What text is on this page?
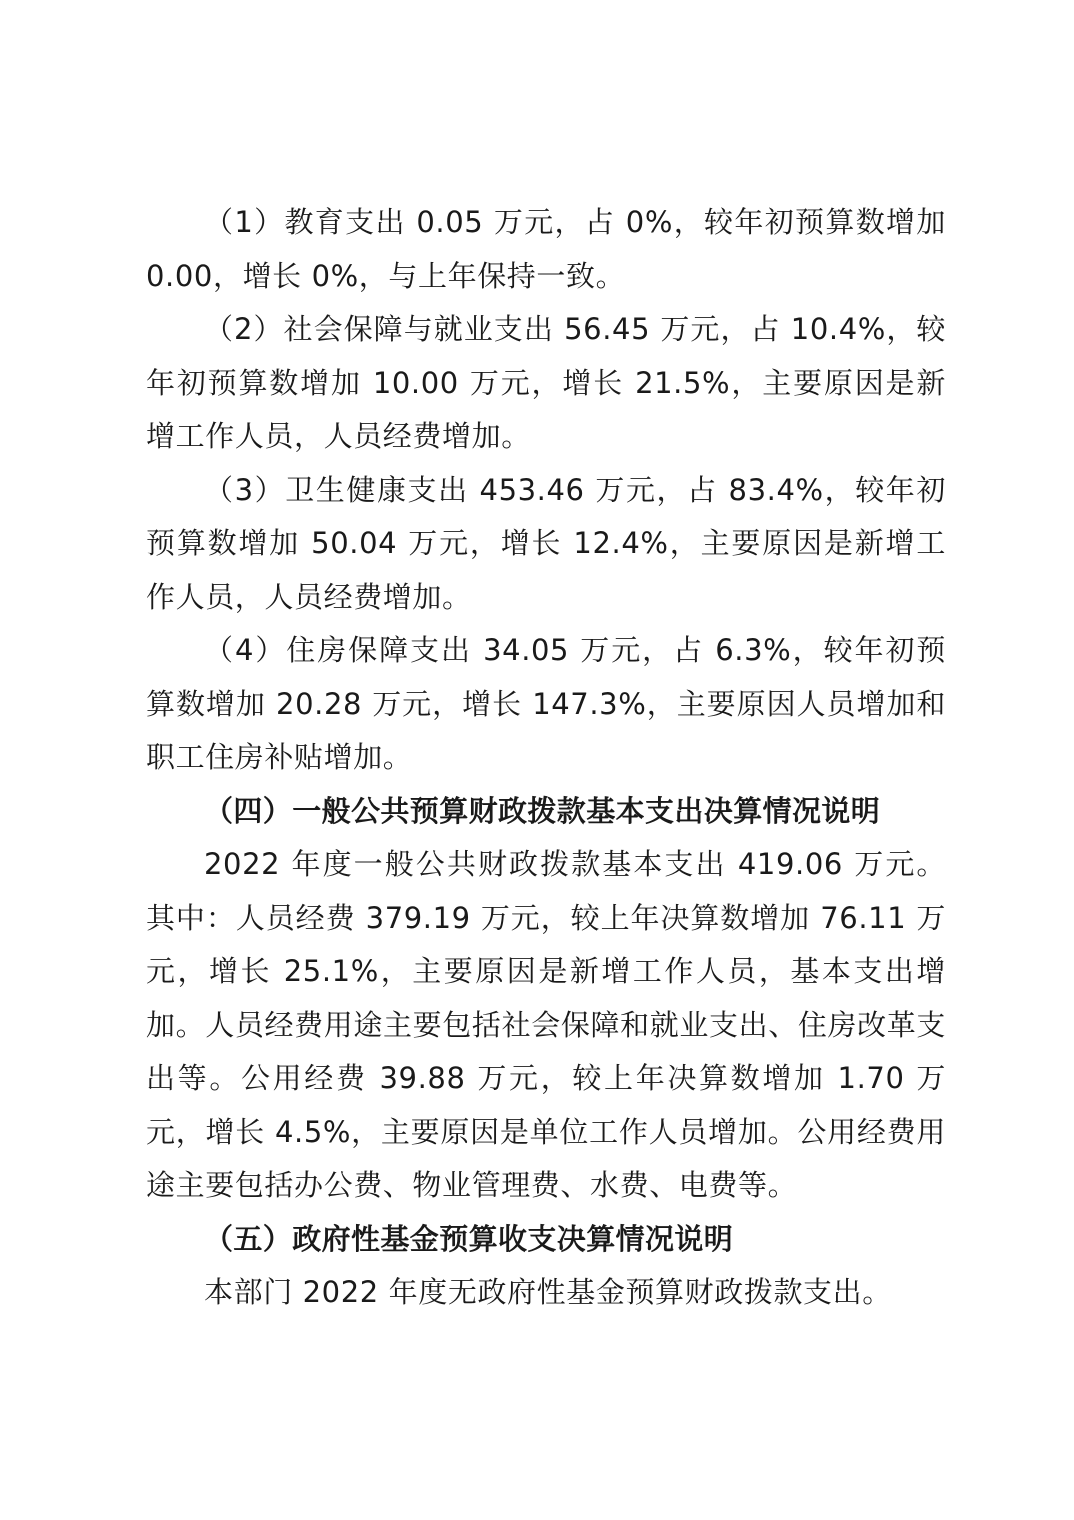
（1）教育支出 0.05 万元，占 0%，较年初预算数增加 0.00，增长 0%，与上年保持一致。

（2）社会保障与就业支出 56.45 万元，占 10.4%，较年初预算数增加 10.00 万元，增长 21.5%，主要原因是新增工作人员，人员经费增加。

（3）卫生健康支出 453.46 万元，占 83.4%，较年初预算数增加 50.04 万元，增长 12.4%，主要原因是新增工作人员，人员经费增加。

（4）住房保障支出 34.05 万元，占 6.3%，较年初预算数增加 20.28 万元，增长 147.3%，主要原因人员增加和职工住房补贴增加。

（四）一般公共预算财政拨款基本支出决算情况说明

2022 年度一般公共财政拨款基本支出 419.06 万元。其中：人员经费 379.19 万元，较上年决算数增加 76.11 万元，增长 25.1%，主要原因是新增工作人员，基本支出增加。人员经费用途主要包括社会保障和就业支出、住房改革支出等。公用经费 39.88 万元，较上年决算数增加 1.70 万元，增长 4.5%，主要原因是单位工作人员增加。公用经费用途主要包括办公费、物业管理费、水费、电费等。

（五）政府性基金预算收支决算情况说明

本部门 2022 年度无政府性基金预算财政拨款支出。
